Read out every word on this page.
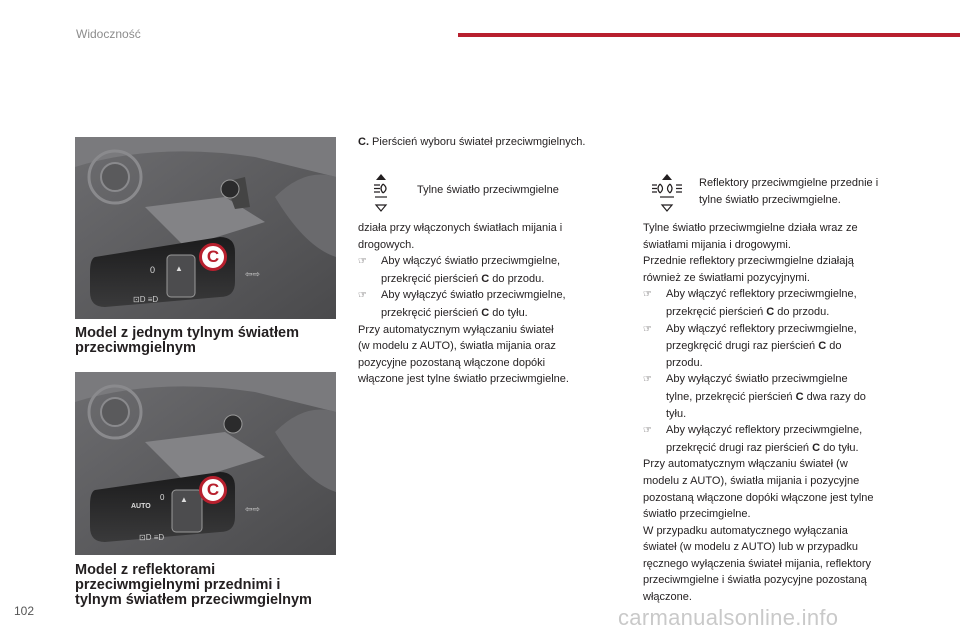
Widoczność
0 ▲
⊡D ≡D
⇦⇨
C
Model z jednym tylnym światłem
przeciwmgielnym
0 ▲
⊡D ≡D
⇦⇨
AUTO
C
Model z reflektorami
przeciwmgielnymi przednimi i
tylnym światłem przeciwmgielnym
C. Pierścień wyboru świateł przeciwmgielnych.
Tylne światło przeciwmgielne
działa przy włączonych światłach mijania i
drogowych.
☞ Aby włączyć światło przeciwmgielne,
przekręcić pierścień C do przodu.
☞ Aby wyłączyć światło przeciwmgielne,
przekręcić pierścień C do tyłu.
Przy automatycznym wyłączaniu świateł
(w modelu z AUTO), światła mijania oraz
pozycyjne pozostaną włączone dopóki
włączone jest tylne światło przeciwmgielne.
Reflektory przeciwmgielne przednie i
tylne światło przeciwmgielne.
Tylne światło przeciwmgielne działa wraz ze
światłami mijania i drogowymi.
Przednie reflektory przeciwmgielne działają
również ze światłami pozycyjnymi.
☞ Aby włączyć reflektory przeciwmgielne,
przekręcić pierścień C do przodu.
☞ Aby włączyć reflektory przeciwmgielne,
przegkręcić drugi raz pierścień C do
przodu.
☞ Aby wyłączyć światło przeciwmgielne
tylne, przekręcić pierścień C dwa razy do
tyłu.
☞ Aby wyłączyć reflektory przeciwmgielne,
przekręcić drugi raz pierścień C do tyłu.
Przy automatycznym włączaniu świateł (w
modelu z AUTO), światła mijania i pozycyjne
pozostaną włączone dopóki włączone jest tylne
światło przecimgielne.
W przypadku automatycznego wyłączania
świateł (w modelu z AUTO) lub w przypadku
ręcznego wyłączenia świateł mijania, reflektory
przeciwmgielne i światła pozycyjne pozostaną
włączone.
102	carmanualsonline.info
